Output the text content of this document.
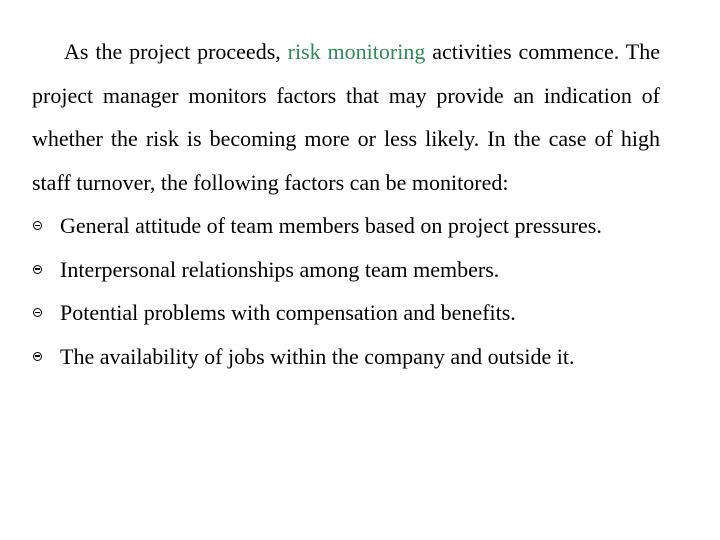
As the project proceeds, risk monitoring activities commence. The project manager monitors factors that may provide an indication of whether the risk is becoming more or less likely. In the case of high staff turnover, the following factors can be monitored:

General attitude of team members based on project pressures.
Interpersonal relationships among team members.
Potential problems with compensation and benefits.
The availability of jobs within the company and outside it.
